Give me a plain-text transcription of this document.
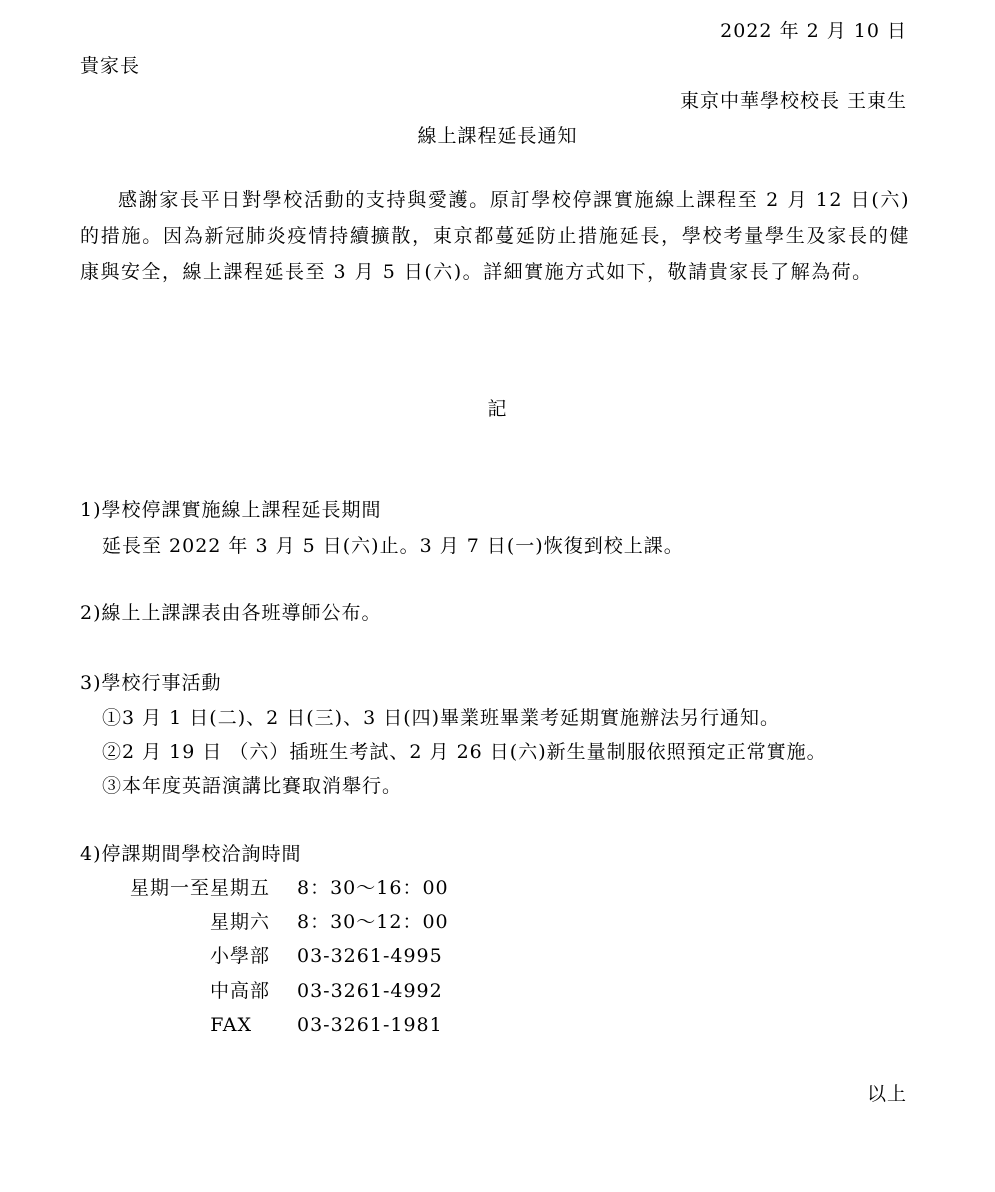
2022 年 2 月 10 日
貴家長
東京中華學校校長 王東生
線上課程延長通知
感謝家長平日對學校活動的支持與愛護。原訂學校停課實施線上課程至 2 月 12 日(六)的措施。因為新冠肺炎疫情持續擴散，東京都蔓延防止措施延長，學校考量學生及家長的健康與安全，線上課程延長至 3 月 5 日(六)。詳細實施方式如下，敬請貴家長了解為荷。
記
1)學校停課實施線上課程延長期間
延長至 2022 年 3 月 5 日(六)止。3 月 7 日(一)恢復到校上課。
2)線上上課課表由各班導師公布。
3)學校行事活動
①3 月 1 日(二)、2 日(三)、3 日(四)畢業班畢業考延期實施辦法另行通知。
②2 月 19 日 （六）插班生考試、2 月 26 日(六)新生量制服依照預定正常實施。
③本年度英語演講比賽取消舉行。
4)停課期間學校洽詢時間
星期一至星期五 8：30～16：00
星期六 8：30～12：00
小學部 03-3261-4995
中高部 03-3261-4992
FAX 03-3261-1981
以上
